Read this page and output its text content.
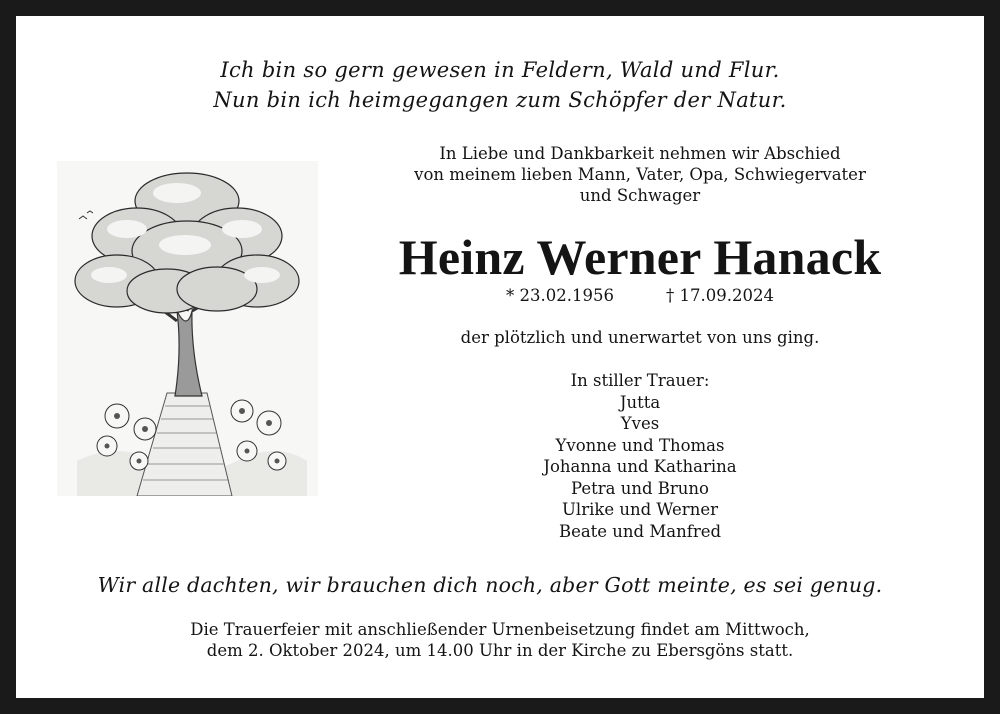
Ich bin so gern gewesen in Feldern, Wald und Flur.
Nun bin ich heimgegangen zum Schöpfer der Natur.
In Liebe und Dankbarkeit nehmen wir Abschied
von meinem lieben Mann, Vater, Opa, Schwiegervater
und Schwager
Heinz Werner Hanack
* 23.02.1956	† 17.09.2024
der plötzlich und unerwartet von uns ging.
In stiller Trauer:
Jutta
Yves
Yvonne und Thomas
Johanna und Katharina
Petra und Bruno
Ulrike und Werner
Beate und Manfred
Wir alle dachten, wir brauchen dich noch, aber Gott meinte, es sei genug.
Die Trauerfeier mit anschließender Urnenbeisetzung findet am Mittwoch,
dem 2. Oktober 2024, um 14.00 Uhr in der Kirche zu Ebersgöns statt.
